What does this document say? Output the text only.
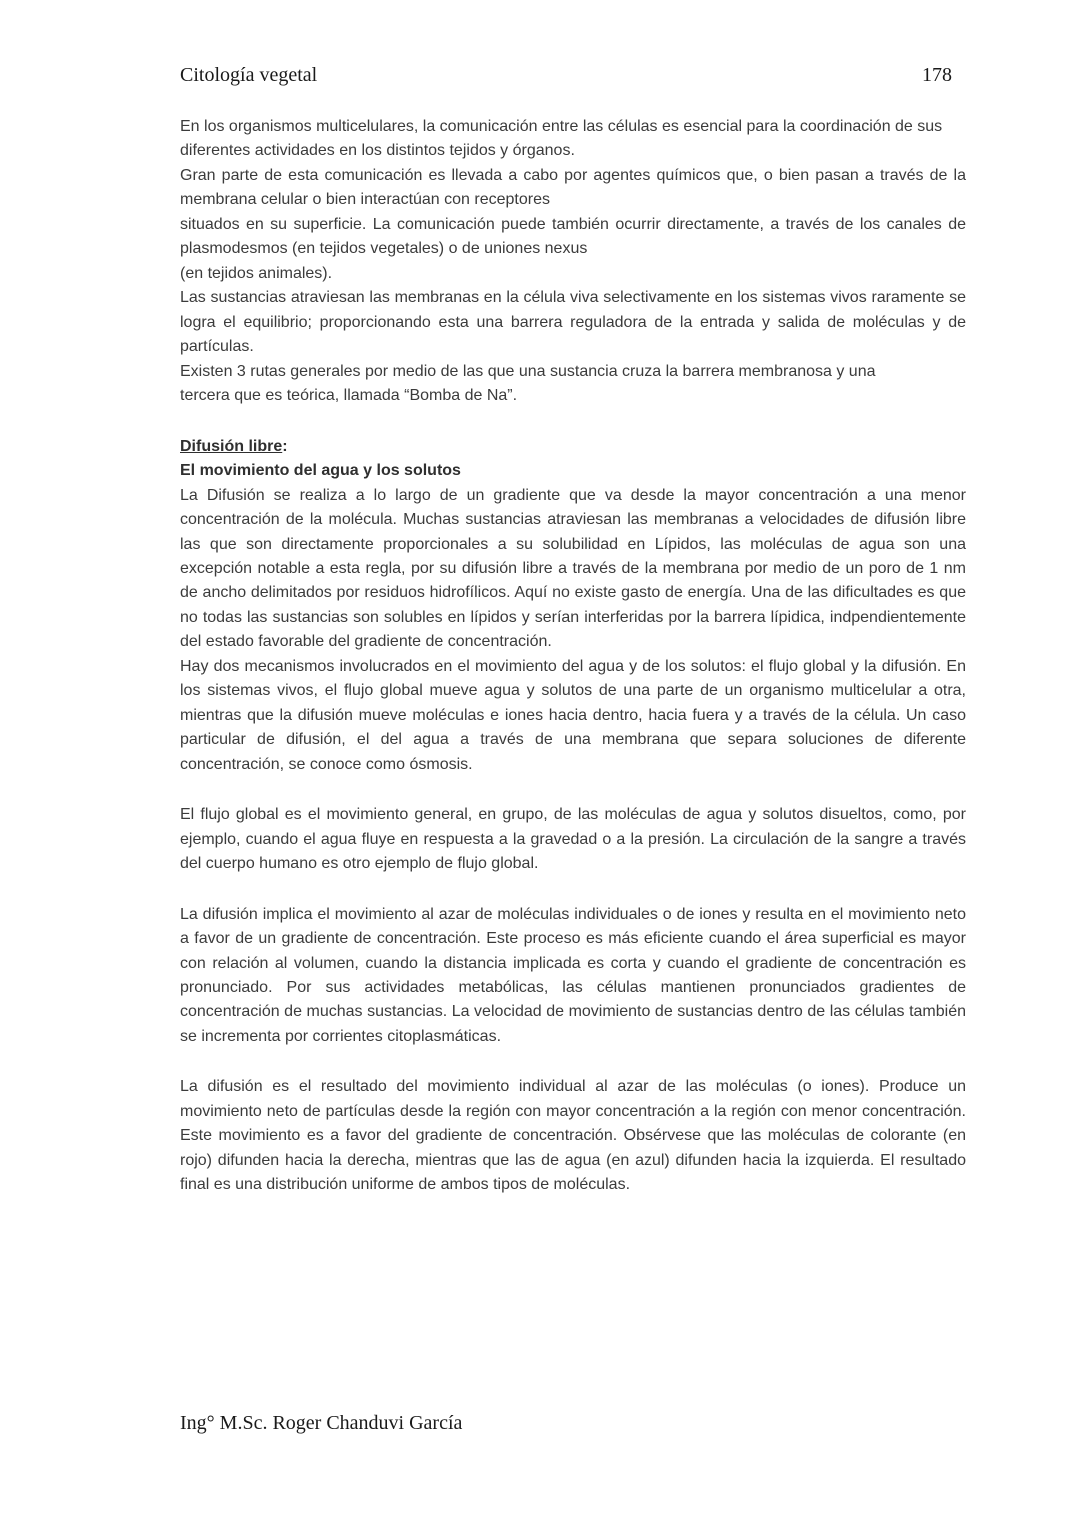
Citología vegetal	178

En los organismos multicelulares, la comunicación entre las células es esencial para la coordinación de sus diferentes actividades en los distintos tejidos y órganos.

Gran parte de esta comunicación es llevada a cabo por agentes químicos que, o bien pasan a través de la membrana celular o bien interactúan con receptores

situados en su superficie. La comunicación puede también ocurrir directamente, a través de los canales de plasmodesmos (en tejidos vegetales) o de uniones nexus

(en tejidos animales).

Las sustancias atraviesan las membranas en la célula viva selectivamente en los sistemas vivos raramente se logra el equilibrio; proporcionando esta una barrera reguladora de la entrada y salida de moléculas y de partículas.

Existen 3 rutas generales por medio de las que una sustancia cruza la barrera membranosa y una

tercera que es teórica, llamada “Bomba de Na”.

Difusión libre:
El movimiento del agua y los solutos

La Difusión se realiza a lo largo de un gradiente que va desde la mayor concentración a una menor concentración de la molécula. Muchas sustancias atraviesan las membranas a velocidades de difusión libre las que son directamente proporcionales a su solubilidad en Lípidos, las moléculas de agua son una excepción notable a esta regla, por su difusión libre a través de la membrana por medio de un poro de 1 nm de ancho delimitados por residuos hidrofílicos. Aquí no existe gasto de energía. Una de las dificultades es que no todas las sustancias son solubles en lípidos y serían interferidas por la barrera lípidica, indpendientemente del estado favorable del gradiente de concentración.

Hay dos mecanismos involucrados en el movimiento del agua y de los solutos: el flujo global y la difusión. En los sistemas vivos, el flujo global mueve agua y solutos de una parte de un organismo multicelular a otra, mientras que la difusión mueve moléculas e iones hacia dentro, hacia fuera y a través de la célula. Un caso particular de difusión, el del agua a través de una membrana que separa soluciones de diferente concentración, se conoce como ósmosis.

El flujo global es el movimiento general, en grupo, de las moléculas de agua y solutos disueltos, como, por ejemplo, cuando el agua fluye en respuesta a la gravedad o a la presión. La circulación de la sangre a través del cuerpo humano es otro ejemplo de flujo global.

La difusión implica el movimiento al azar de moléculas individuales o de iones y resulta en el movimiento neto a favor de un gradiente de concentración. Este proceso es más eficiente cuando el área superficial es mayor con relación al volumen, cuando la distancia implicada es corta y cuando el gradiente de concentración es pronunciado. Por sus actividades metabólicas, las células mantienen pronunciados gradientes de concentración de muchas sustancias. La velocidad de movimiento de sustancias dentro de las células también se incrementa por corrientes citoplasmáticas.

La difusión es el resultado del movimiento individual al azar de las moléculas (o iones). Produce un movimiento neto de partículas desde la región con mayor concentración a la región con menor concentración. Este movimiento es a favor del gradiente de concentración. Obsérvese que las moléculas de colorante (en rojo) difunden hacia la derecha, mientras que las de agua (en azul) difunden hacia la izquierda. El resultado final es una distribución uniforme de ambos tipos de moléculas.

Ing° M.Sc. Roger Chanduvi García
